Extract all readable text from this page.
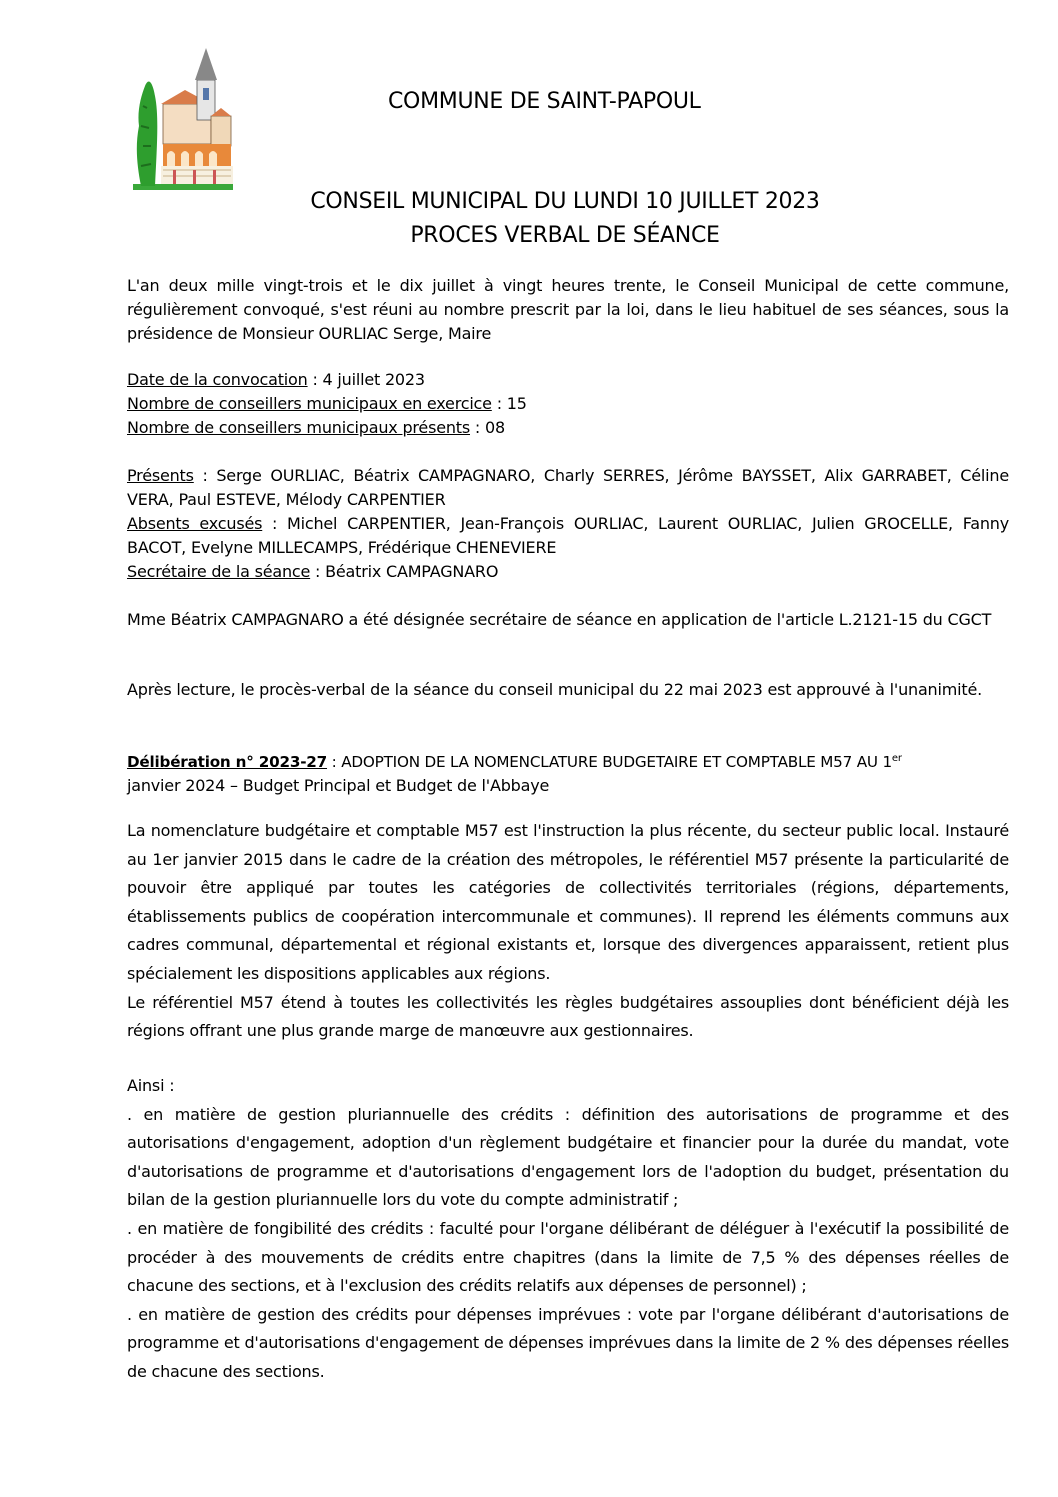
COMMUNE DE SAINT-PAPOUL
CONSEIL MUNICIPAL DU LUNDI 10 JUILLET 2023
PROCES VERBAL DE SÉANCE
L'an deux mille vingt-trois et le dix juillet à vingt heures trente, le Conseil Municipal de cette commune, régulièrement convoqué, s'est réuni au nombre prescrit par la loi, dans le lieu habituel de ses séances, sous la présidence de Monsieur OURLIAC Serge, Maire
Date de la convocation : 4 juillet 2023
Nombre de conseillers municipaux en exercice : 15
Nombre de conseillers municipaux présents : 08
Présents : Serge OURLIAC, Béatrix CAMPAGNARO, Charly SERRES, Jérôme BAYSSET, Alix GARRABET, Céline VERA, Paul ESTEVE, Mélody CARPENTIER
Absents excusés : Michel CARPENTIER, Jean-François OURLIAC, Laurent OURLIAC, Julien GROCELLE, Fanny BACOT, Evelyne MILLECAMPS, Frédérique CHENEVIERE
Secrétaire de la séance : Béatrix CAMPAGNARO
Mme Béatrix CAMPAGNARO a été désignée secrétaire de séance en application de l'article L.2121-15 du CGCT
Après lecture, le procès-verbal de la séance du conseil municipal du 22 mai 2023 est approuvé à l'unanimité.
Délibération n° 2023-27 : ADOPTION DE LA NOMENCLATURE BUDGETAIRE ET COMPTABLE M57 AU 1er
janvier 2024 – Budget Principal et Budget de l'Abbaye
La nomenclature budgétaire et comptable M57 est l'instruction la plus récente, du secteur public local. Instauré au 1er janvier 2015 dans le cadre de la création des métropoles, le référentiel M57 présente la particularité de pouvoir être appliqué par toutes les catégories de collectivités territoriales (régions, départements, établissements publics de coopération intercommunale et communes). Il reprend les éléments communs aux cadres communal, départemental et régional existants et, lorsque des divergences apparaissent, retient plus spécialement les dispositions applicables aux régions.
Le référentiel M57 étend à toutes les collectivités les règles budgétaires assouplies dont bénéficient déjà les régions offrant une plus grande marge de manœuvre aux gestionnaires.
Ainsi :
. en matière de gestion pluriannuelle des crédits : définition des autorisations de programme et des autorisations d'engagement, adoption d'un règlement budgétaire et financier pour la durée du mandat, vote d'autorisations de programme et d'autorisations d'engagement lors de l'adoption du budget, présentation du bilan de la gestion pluriannuelle lors du vote du compte administratif ;
. en matière de fongibilité des crédits : faculté pour l'organe délibérant de déléguer à l'exécutif la possibilité de procéder à des mouvements de crédits entre chapitres (dans la limite de 7,5 % des dépenses réelles de chacune des sections, et à l'exclusion des crédits relatifs aux dépenses de personnel) ;
. en matière de gestion des crédits pour dépenses imprévues : vote par l'organe délibérant d'autorisations de programme et d'autorisations d'engagement de dépenses imprévues dans la limite de 2 % des dépenses réelles de chacune des sections.
